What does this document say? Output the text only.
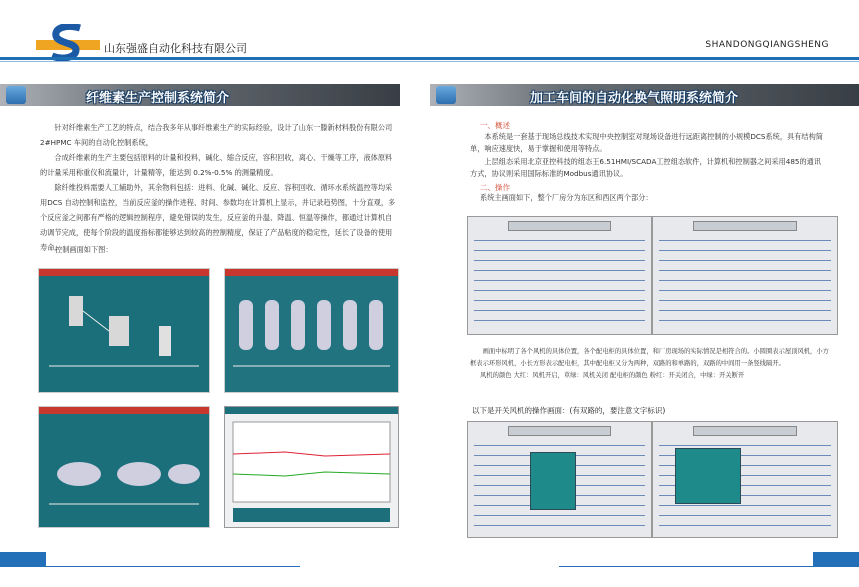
山东强盛自动化科技有限公司	SHANDONGQIANGSHENG
纤维素生产控制系统简介
针对纤维素生产工艺的特点，结合我多年从事纤维素生产的实际经验，设计了山东一滕新材料股份有限公司2#HPMC 车间的自动化控制系统，
合成纤维素的生产主要包括原料的计量和投料，碱化、缩合反应，容积回收，离心、干燥等工序，液体原料的计量采用称重仪和流量计，计量精等，能达到 0.2%-0.5% 的测量精度。
除纤维投料需要人工辅助外，其余物料包括：进料、化碱、碱化、反应、容积回收、循环水系统温控等均采用DCS 自动控制和监控，当前反应釜的操作进程、时间、参数均在计算机上显示，并记录趋势图，十分直观，多个反应釜之间都有严格的逻辑控制程序，避免错误的发生，反应釜的升温、降温、恒温等操作，都通过计算机自动调节完成，使每个阶段的温度指标都能够达到较高的控制精度，保证了产品粘度的稳定性，延长了设备的使用寿命。
控制画面如下图：
加工车间的自动化换气照明系统简介
一、概述
本系统是一套基于现场总线技术实现中央控制室对现场设备进行远距离控制的小规模DCS系统，具有结构简单，响应速度快，易于掌握和使用等特点。
上层组态采用北京亚控科技的组态王6.51HMI/SCADA工控组态软件，计算机和控制器之间采用485的通讯方式，协议则采用国际标准的Modbus通讯协议。
二、操作
系统主画面如下，整个厂房分为东区和西区两个部分：
画面中标明了各个风机的具体位置，各个配电柜的具体位置，和厂房现场的实际情况是相符合的。小圆圈表示屋顶风机，小方框表示环形风机，小长方形表示配电柜，其中配电柜又分为两种，双路的和单路的，双路的中间用一条竖线隔开。
风机的颜色 大红：风机开启，草绿：风机关闭 配电柜的颜色 粉红：开关闭合，中绿：开关断开
以下是开关风机的操作画面：(有双路的，要注意文字标识)
07	08
